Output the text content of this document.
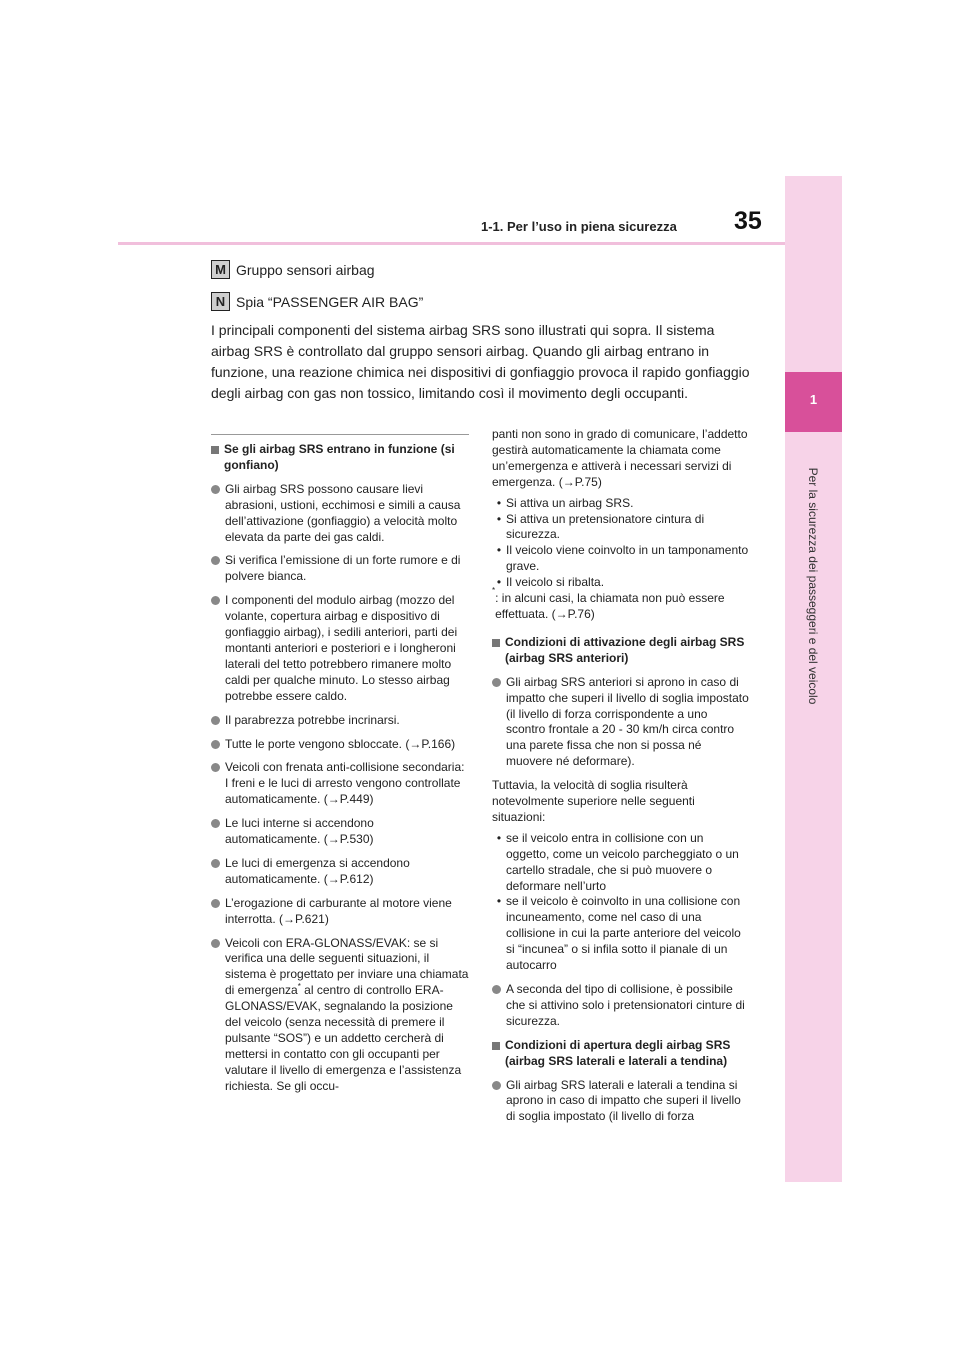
1
Per la sicurezza dei passeggeri e del veicolo
35
1-1. Per l’uso in piena sicurezza
M Gruppo sensori airbag
N Spia “PASSENGER AIR BAG”
I principali componenti del sistema airbag SRS sono illustrati qui sopra. Il sistema airbag SRS è controllato dal gruppo sensori airbag. Quando gli airbag entrano in funzione, una reazione chimica nei dispositivi di gonfiaggio provoca il rapido gonfiaggio degli airbag con gas non tossico, limitando così il movimento degli occupanti.
Se gli airbag SRS entrano in funzione (si gonfiano)
Gli airbag SRS possono causare lievi abrasioni, ustioni, ecchimosi e simili a causa dell’attivazione (gonfiaggio) a velocità molto elevata da parte dei gas caldi.
Si verifica l’emissione di un forte rumore e di polvere bianca.
I componenti del modulo airbag (mozzo del volante, copertura airbag e dispositivo di gonfiaggio airbag), i sedili anteriori, parti dei montanti anteriori e posteriori e i longheroni laterali del tetto potrebbero rimanere molto caldi per qualche minuto. Lo stesso airbag potrebbe essere caldo.
Il parabrezza potrebbe incrinarsi.
Tutte le porte vengono sbloccate. (→P.166)
Veicoli con frenata anti-collisione secondaria: I freni e le luci di arresto vengono controllate automaticamente. (→P.449)
Le luci interne si accendono automaticamente. (→P.530)
Le luci di emergenza si accendono automaticamente. (→P.612)
L’erogazione di carburante al motore viene interrotta. (→P.621)
Veicoli con ERA-GLONASS/EVAK: se si verifica una delle seguenti situazioni, il sistema è progettato per inviare una chiamata di emergenza* al centro di controllo ERA-GLONASS/EVAK, segnalando la posizione del veicolo (senza necessità di premere il pulsante “SOS”) e un addetto cercherà di mettersi in contatto con gli occupanti per valutare il livello di emergenza e l’assistenza richiesta. Se gli occu-
panti non sono in grado di comunicare, l’addetto gestirà automaticamente la chiamata come un’emergenza e attiverà i necessari servizi di emergenza. (→P.75)
• Si attiva un airbag SRS.
• Si attiva un pretensionatore cintura di sicurezza.
• Il veicolo viene coinvolto in un tamponamento grave.
• Il veicolo si ribalta.
*
: in alcuni casi, la chiamata non può essere effettuata. (→P.76)
Condizioni di attivazione degli airbag SRS (airbag SRS anteriori)
Gli airbag SRS anteriori si aprono in caso di impatto che superi il livello di soglia impostato (il livello di forza corrispondente a uno scontro frontale a 20 - 30 km/h circa contro una parete fissa che non si possa né muovere né deformare).
Tuttavia, la velocità di soglia risulterà notevolmente superiore nelle seguenti situazioni:
• se il veicolo entra in collisione con un oggetto, come un veicolo parcheggiato o un cartello stradale, che si può muovere o deformare nell’urto
• se il veicolo è coinvolto in una collisione con incuneamento, come nel caso di una collisione in cui la parte anteriore del veicolo si “incunea” o si infila sotto il pianale di un autocarro
A seconda del tipo di collisione, è possibile che si attivino solo i pretensionatori cinture di sicurezza.
Condizioni di apertura degli airbag SRS (airbag SRS laterali e laterali a tendina)
Gli airbag SRS laterali e laterali a tendina si aprono in caso di impatto che superi il livello di soglia impostato (il livello di forza
